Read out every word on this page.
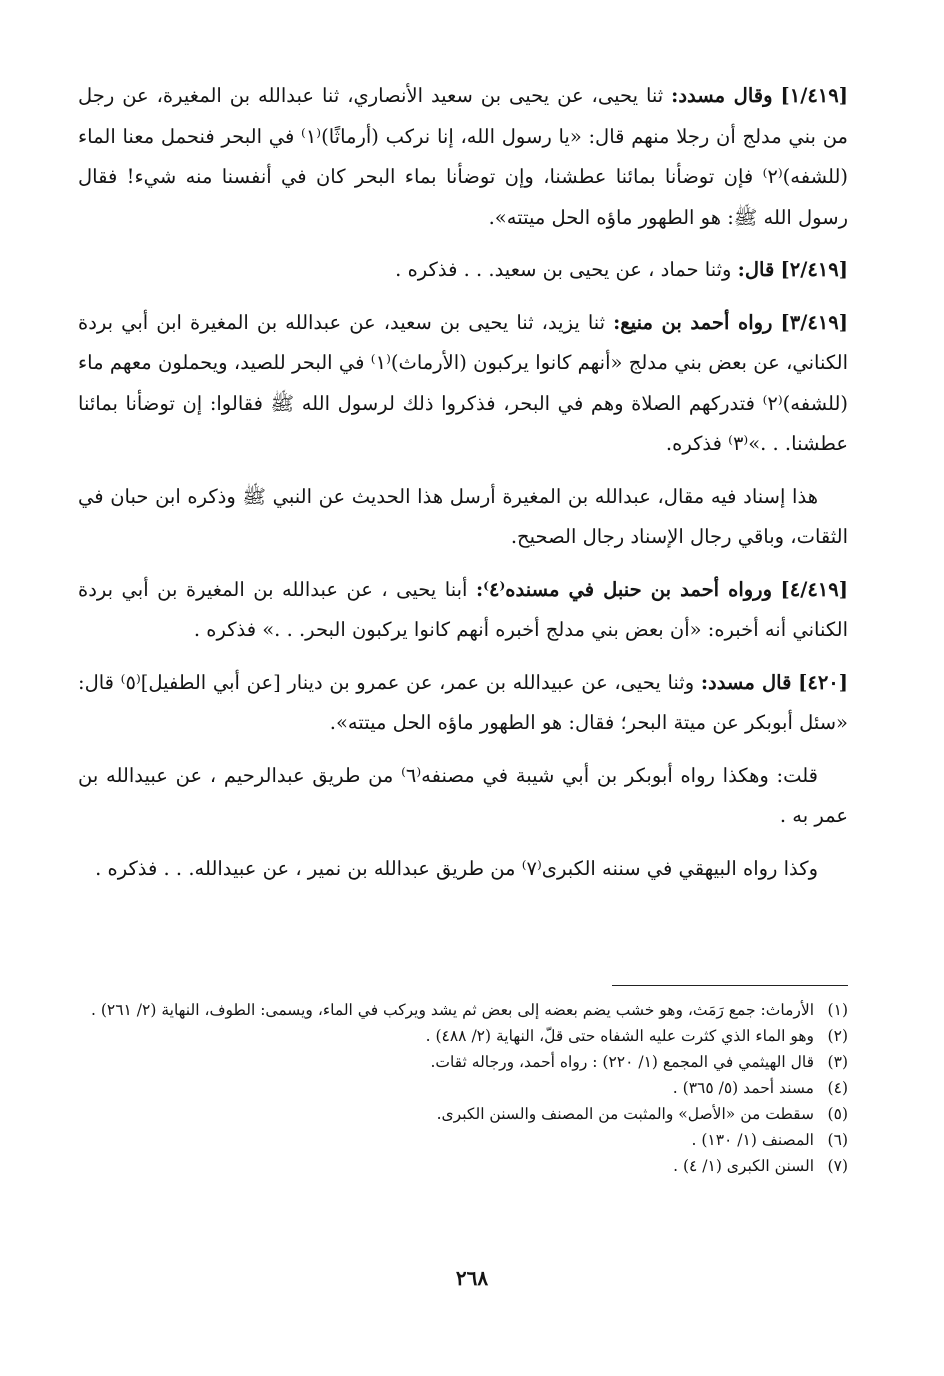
[١/٤١٩] وقال مسدد: ثنا يحيى، عن يحيى بن سعيد الأنصاري، ثنا عبدالله بن المغيرة، عن رجل من بني مدلج أن رجلا منهم قال: «يا رسول الله، إنا نركب (أرماثًا)⁽١⁾ في البحر فنحمل معنا الماء (للشفه)⁽٢⁾ فإن توضأنا بمائنا عطشنا، وإن توضأنا بماء البحر كان في أنفسنا منه شيء! فقال رسول الله ﷺ: هو الطهور ماؤه الحل ميتته».

[٢/٤١٩] قال: وثنا حماد ، عن يحيى بن سعيد. . . فذكره .

[٣/٤١٩] رواه أحمد بن منيع: ثنا يزيد، ثنا يحيى بن سعيد، عن عبدالله بن المغيرة ابن أبي بردة الكناني، عن بعض بني مدلج «أنهم كانوا يركبون (الأرماث)⁽١⁾ في البحر للصيد، ويحملون معهم ماء (للشفه)⁽٢⁾ فتدركهم الصلاة وهم في البحر، فذكروا ذلك لرسول الله ﷺ فقالوا: إن توضأنا بمائنا عطشنا. . .»⁽٣⁾ فذكره.

هذا إسناد فيه مقال، عبدالله بن المغيرة أرسل هذا الحديث عن النبي ﷺ وذكره ابن حبان في الثقات، وباقي رجال الإسناد رجال الصحيح.

[٤/٤١٩] ورواه أحمد بن حنبل في مسنده⁽٤⁾: أبنا يحيى ، عن عبدالله بن المغيرة بن أبي بردة الكناني أنه أخبره: «أن بعض بني مدلج أخبره أنهم كانوا يركبون البحر. . .» فذكره .

[٤٢٠] قال مسدد: وثنا يحيى، عن عبيدالله بن عمر، عن عمرو بن دينار [عن أبي الطفيل]⁽٥⁾ قال: «سئل أبوبكر عن ميتة البحر؛ فقال: هو الطهور ماؤه الحل ميتته».

قلت: وهكذا رواه أبوبكر بن أبي شيبة في مصنفه⁽٦⁾ من طريق عبدالرحيم ، عن عبيدالله بن عمر به .

وكذا رواه البيهقي في سننه الكبرى⁽٧⁾ من طريق عبدالله بن نمير ، عن عبيدالله. . . فذكره .

(١)
الأرماث: جمع رَمَث، وهو خشب يضم بعضه إلى بعض ثم يشد ويركب في الماء، ويسمى: الطوف، النهاية (٢/ ٢٦١) .
(٢)
وهو الماء الذي كثرت عليه الشفاه حتى قلّ، النهاية (٢/ ٤٨٨) .
(٣)
قال الهيثمي في المجمع (١/ ٢٢٠) : رواه أحمد، ورجاله ثقات.
(٤)
مسند أحمد (٥/ ٣٦٥) .
(٥)
سقطت من «الأصل» والمثبت من المصنف والسنن الكبرى.
(٦)
المصنف (١/ ١٣٠) .
(٧)
السنن الكبرى (١/ ٤) .
٢٦٨
